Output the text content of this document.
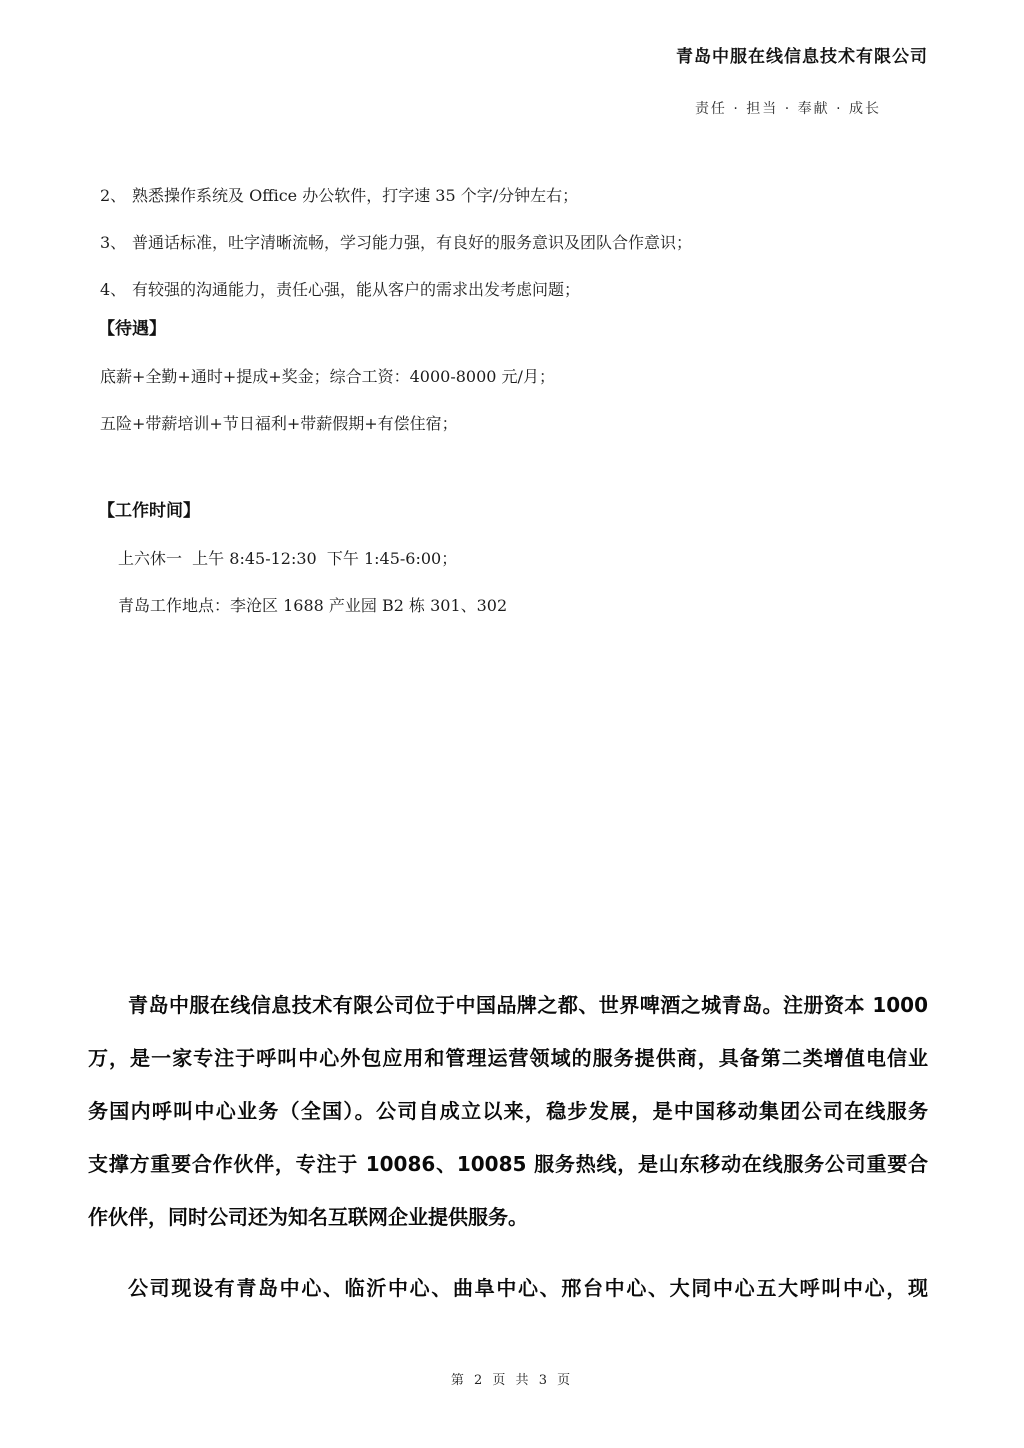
青岛中服在线信息技术有限公司
责任 · 担当 · 奉献 · 成长
2、 熟悉操作系统及 Office 办公软件，打字速 35 个字/分钟左右；
3、 普通话标准，吐字清晰流畅，学习能力强，有良好的服务意识及团队合作意识；
4、 有较强的沟通能力，责任心强，能从客户的需求出发考虑问题；
【待遇】
底薪+全勤+通时+提成+奖金；综合工资：4000-8000 元/月；
五险+带薪培训+节日福利+带薪假期+有偿住宿；
【工作时间】
上六休一  上午 8:45-12:30  下午 1:45-6:00；
青岛工作地点：李沧区 1688 产业园 B2 栋 301、302
青岛中服在线信息技术有限公司位于中国品牌之都、世界啤酒之城青岛。注册资本 1000
万，是一家专注于呼叫中心外包应用和管理运营领域的服务提供商，具备第二类增值电信业
务国内呼叫中心业务（全国）。公司自成立以来，稳步发展，是中国移动集团公司在线服务
支撑方重要合作伙伴，专注于 10086、10085 服务热线，是山东移动在线服务公司重要合
作伙伴，同时公司还为知名互联网企业提供服务。
公司现设有青岛中心、临沂中心、曲阜中心、邢台中心、大同中心五大呼叫中心，现
第 2 页 共 3 页
